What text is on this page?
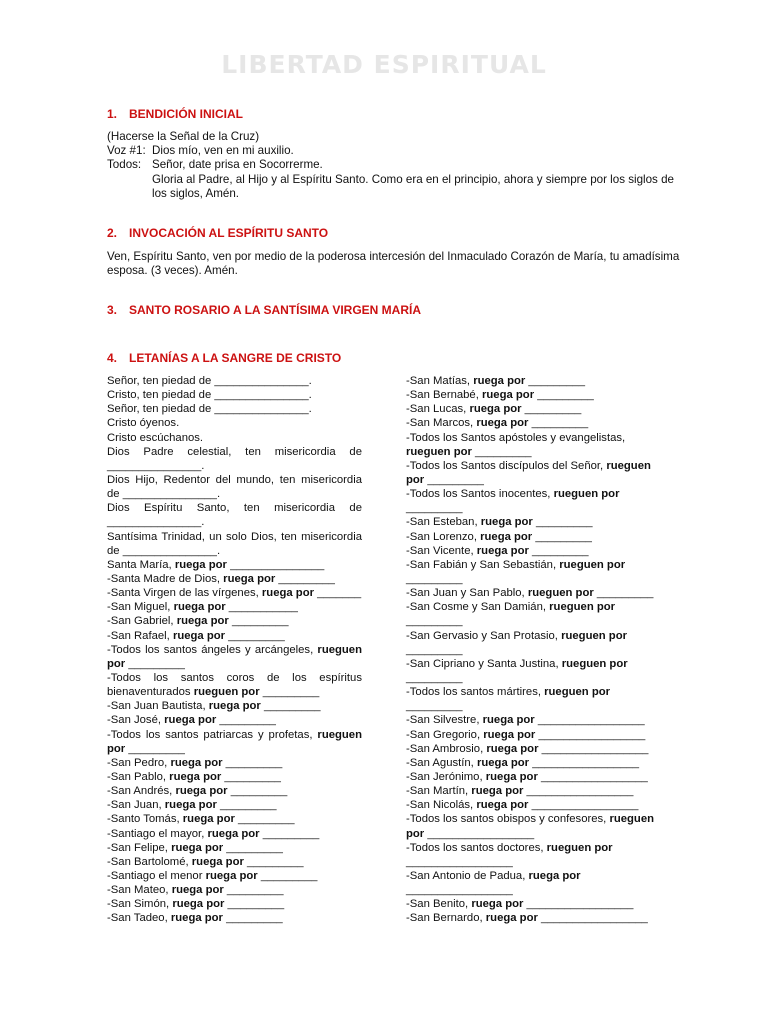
LIBERTAD ESPIRITUAL
1. BENDICIÓN INICIAL
(Hacerse la Señal de la Cruz)
Voz #1: Dios mío, ven en mi auxilio.
Todos: Señor, date prisa en Socorrerme.
Gloria al Padre, al Hijo y al Espíritu Santo. Como era en el principio, ahora y siempre por los siglos de
los siglos, Amén.
2. INVOCACIÓN AL ESPÍRITU SANTO
Ven, Espíritu Santo, ven por medio de la poderosa intercesión del Inmaculado Corazón de María, tu amadísima
esposa. (3 veces). Amén.
3. SANTO ROSARIO A LA SANTÍSIMA VIRGEN MARÍA
4. LETANÍAS A LA SANGRE DE CRISTO
Señor, ten piedad de _______________.
Cristo, ten piedad de _______________.
Señor, ten piedad de _______________.
Cristo óyenos.
Cristo escúchanos.
Dios Padre celestial, ten misericordia de
_______________.
Dios Hijo, Redentor del mundo, ten misericordia
de _______________.
Dios Espíritu Santo, ten misericordia de
_______________.
Santísima Trinidad, un solo Dios, ten misericordia
de _______________.
Santa María, ruega por _______________
-Santa Madre de Dios, ruega por _________
-Santa Virgen de las vírgenes, ruega por _______
-San Miguel, ruega por ___________
-San Gabriel, ruega por _________
-San Rafael, ruega por _________
-Todos los santos ángeles y arcángeles, rueguen
por _________
-Todos los santos coros de los espíritus
bienaventurados rueguen por _________
-San Juan Bautista, ruega por _________
-San José, ruega por _________
-Todos los santos patriarcas y profetas, rueguen
por _________
-San Pedro, ruega por _________
-San Pablo, ruega por _________
-San Andrés, ruega por _________
-San Juan, ruega por _________
-Santo Tomás, ruega por _________
-Santiago el mayor, ruega por _________
-San Felipe, ruega por _________
-San Bartolomé, ruega por _________
-Santiago el menor ruega por _________
-San Mateo, ruega por _________
-San Simón, ruega por _________
-San Tadeo, ruega por _________
-San Matías, ruega por _________
-San Bernabé, ruega por _________
-San Lucas, ruega por _________
-San Marcos, ruega por _________
-Todos los Santos apóstoles y evangelistas,
rueguen por _________
-Todos los Santos discípulos del Señor, rueguen
por _________
-Todos los Santos inocentes, rueguen por
_________
-San Esteban, ruega por _________
-San Lorenzo, ruega por _________
-San Vicente, ruega por _________
-San Fabián y San Sebastián, rueguen por
_________
-San Juan y San Pablo, rueguen por _________
-San Cosme y San Damián, rueguen por
_________
-San Gervasio y San Protasio, rueguen por
_________
-San Cipriano y Santa Justina, rueguen por
_________
-Todos los santos mártires, rueguen por
_________
-San Silvestre, ruega por _________________
-San Gregorio, ruega por _________________
-San Ambrosio, ruega por _________________
-San Agustín, ruega por _________________
-San Jerónimo, ruega por _________________
-San Martín, ruega por _________________
-San Nicolás, ruega por _________________
-Todos los santos obispos y confesores, rueguen
por _________________
-Todos los santos doctores, rueguen por
_________________
-San Antonio de Padua, ruega por
_________________
-San Benito, ruega por _________________
-San Bernardo, ruega por _________________
